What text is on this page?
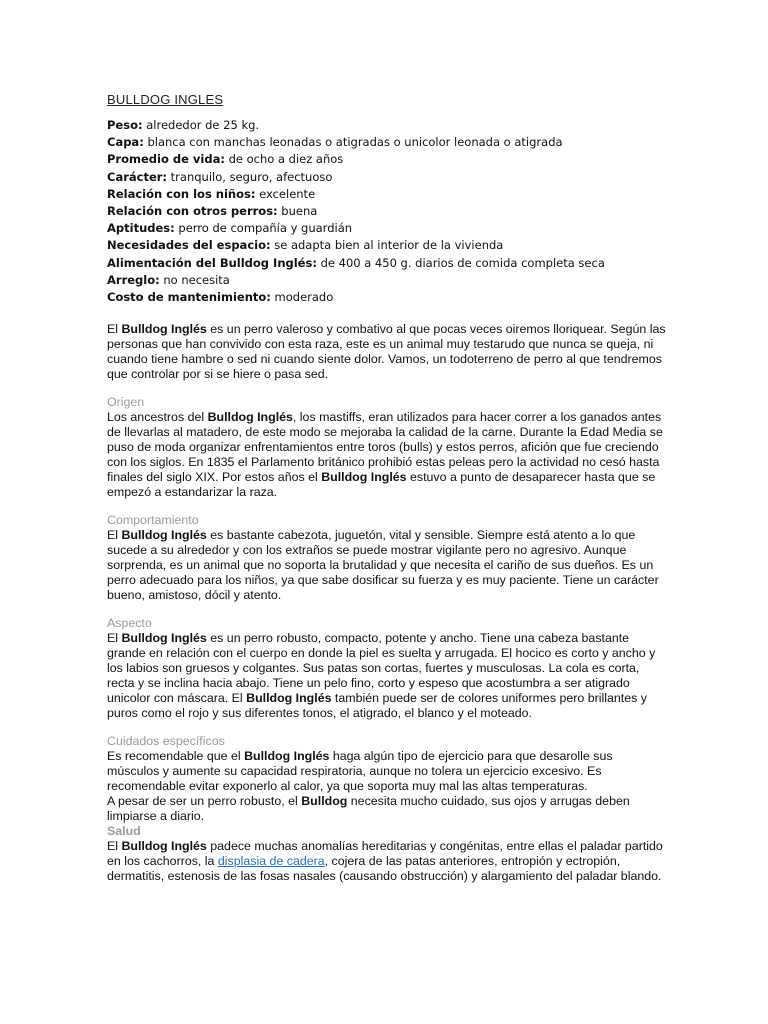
BULLDOG INGLES
Peso: alrededor de 25 kg.
Capa: blanca con manchas leonadas o atigradas o unicolor leonada o atigrada
Promedio de vida: de ocho a diez años
Carácter: tranquilo, seguro, afectuoso
Relación con los niños: excelente
Relación con otros perros: buena
Aptitudes: perro de compañía y guardián
Necesidades del espacio: se adapta bien al interior de la vivienda
Alimentación del Bulldog Inglés: de 400 a 450 g. diarios de comida completa seca
Arreglo: no necesita
Costo de mantenimiento: moderado

El Bulldog Inglés es un perro valeroso y combativo al que pocas veces oiremos lloriquear. Según las personas que han convivido con esta raza, este es un animal muy testarudo que nunca se queja, ni cuando tiene hambre o sed ni cuando siente dolor. Vamos, un todoterreno de perro al que tendremos que controlar por si se hiere o pasa sed.

Origen

Los ancestros del Bulldog Inglés, los mastiffs, eran utilizados para hacer correr a los ganados antes de llevarlas al matadero, de este modo se mejoraba la calidad de la carne. Durante la Edad Media se puso de moda organizar enfrentamientos entre toros (bulls) y estos perros, afición que fue creciendo con los siglos. En 1835 el Parlamento británico prohibió estas peleas pero la actividad no cesó hasta finales del siglo XIX. Por estos años el Bulldog Inglés estuvo a punto de desaparecer hasta que se empezó a estandarizar la raza.

Comportamiento

El Bulldog Inglés es bastante cabezota, juguetón, vital y sensible. Siempre está atento a lo que sucede a su alrededor y con los extraños se puede mostrar vigilante pero no agresivo. Aunque sorprenda, es un animal que no soporta la brutalidad y que necesita el cariño de sus dueños. Es un perro adecuado para los niños, ya que sabe dosificar su fuerza y es muy paciente. Tiene un carácter bueno, amistoso, dócil y atento.

Aspecto

El Bulldog Inglés es un perro robusto, compacto, potente y ancho. Tiene una cabeza bastante grande en relación con el cuerpo en donde la piel es suelta y arrugada. El hocico es corto y ancho y los labios son gruesos y colgantes. Sus patas son cortas, fuertes y musculosas. La cola es corta, recta y se inclina hacia abajo. Tiene un pelo fino, corto y espeso que acostumbra a ser atigrado unicolor con máscara. El Bulldog Inglés también puede ser de colores uniformes pero brillantes y puros como el rojo y sus diferentes tonos, el atigrado, el blanco y el moteado.

Cuidados específicos

Es recomendable que el Bulldog Inglés haga algún tipo de ejercicio para que desarolle sus músculos y aumente su capacidad respiratoria, aunque no tolera un ejercicio excesivo. Es recomendable evitar exponerlo al calor, ya que soporta muy mal las altas temperaturas.

A pesar de ser un perro robusto, el Bulldog necesita mucho cuidado, sus ojos y arrugas deben limpiarse a diario.

Salud

El Bulldog Inglés padece muchas anomalías hereditarias y congénitas, entre ellas el paladar partido en los cachorros, la displasia de cadera, cojera de las patas anteriores, entropión y ectropión, dermatitis, estenosis de las fosas nasales (causando obstrucción) y alargamiento del paladar blando.
